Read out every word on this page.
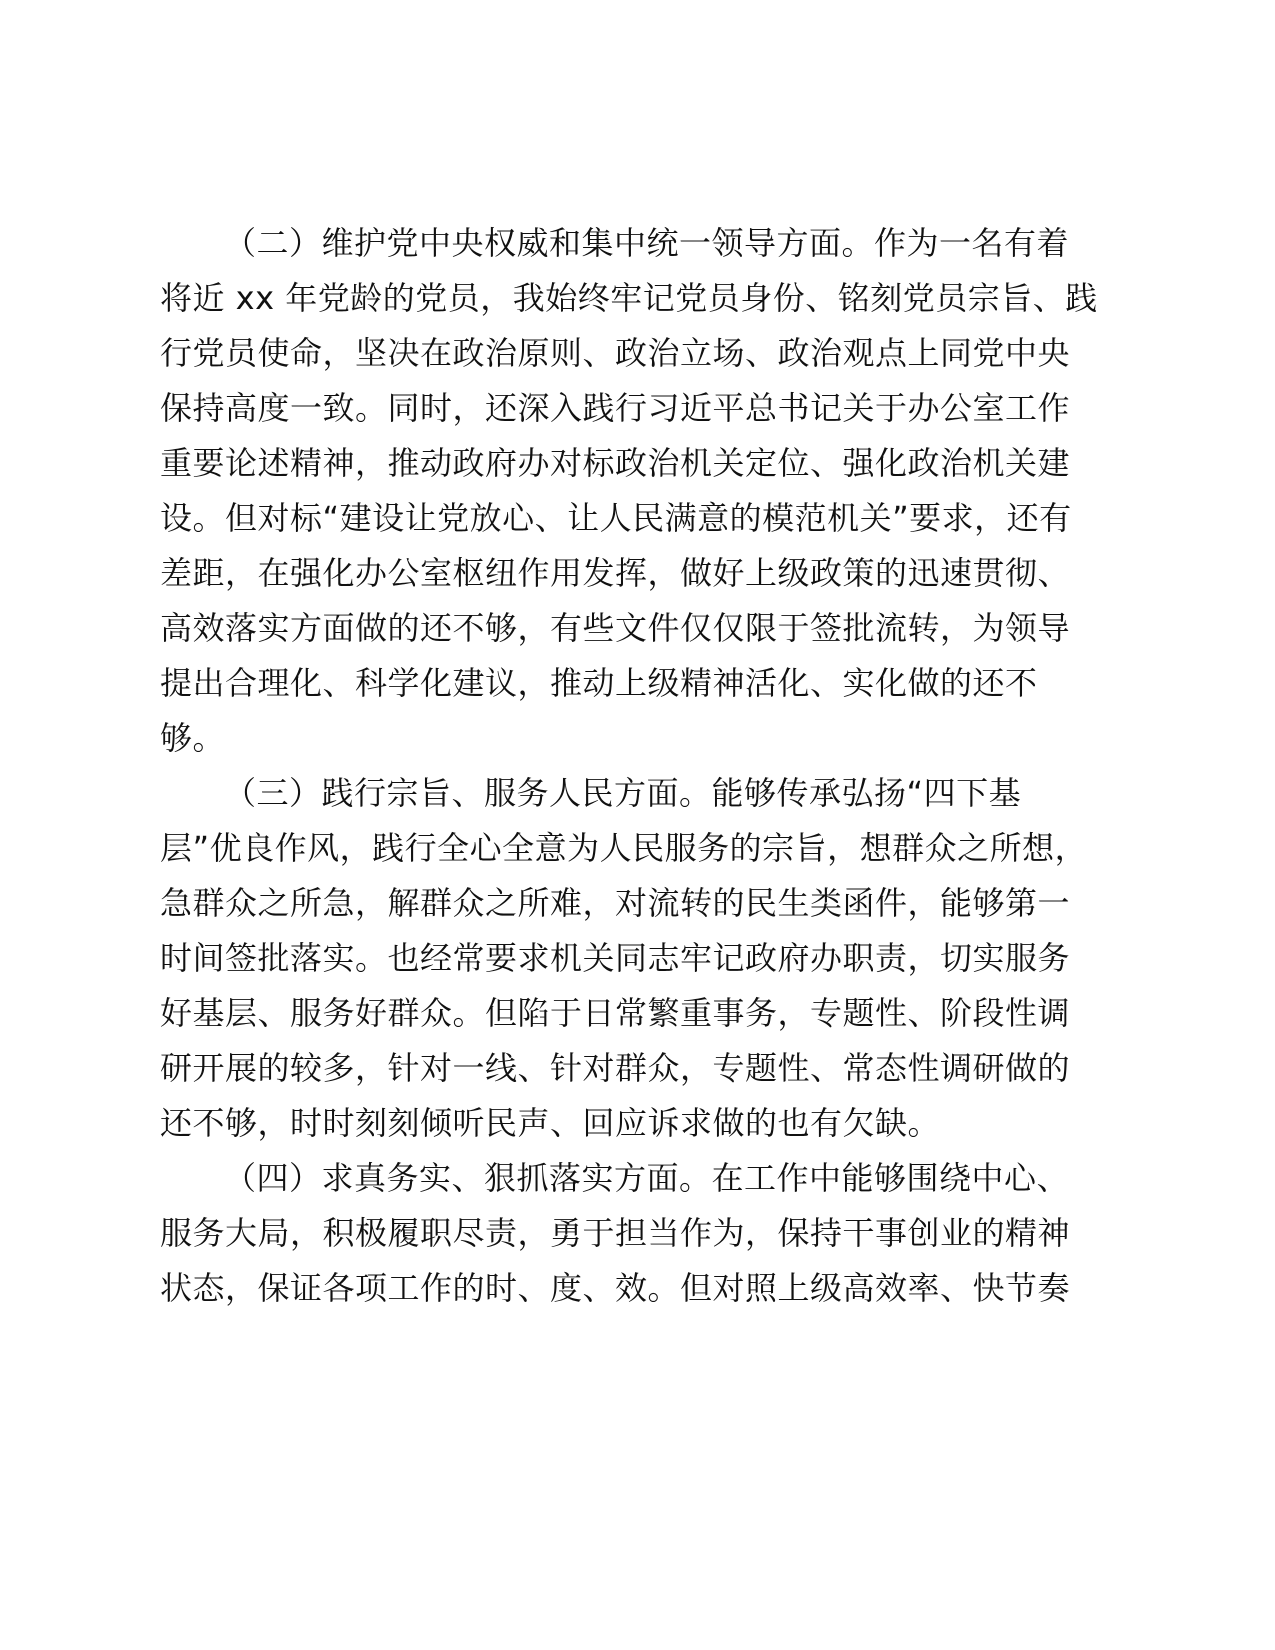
（二）维护党中央权威和集中统一领导方面。作为一名有着
将近 xx 年党龄的党员，我始终牢记党员身份、铭刻党员宗旨、践
行党员使命，坚决在政治原则、政治立场、政治观点上同党中央
保持高度一致。同时，还深入践行习近平总书记关于办公室工作
重要论述精神，推动政府办对标政治机关定位、强化政治机关建
设。但对标“建设让党放心、让人民满意的模范机关”要求，还有
差距，在强化办公室枢纽作用发挥，做好上级政策的迅速贯彻、
高效落实方面做的还不够，有些文件仅仅限于签批流转，为领导
提出合理化、科学化建议，推动上级精神活化、实化做的还不
够。
（三）践行宗旨、服务人民方面。能够传承弘扬“四下基
层”优良作风，践行全心全意为人民服务的宗旨，想群众之所想，
急群众之所急，解群众之所难，对流转的民生类函件，能够第一
时间签批落实。也经常要求机关同志牢记政府办职责，切实服务
好基层、服务好群众。但陷于日常繁重事务，专题性、阶段性调
研开展的较多，针对一线、针对群众，专题性、常态性调研做的
还不够，时时刻刻倾听民声、回应诉求做的也有欠缺。
（四）求真务实、狠抓落实方面。在工作中能够围绕中心、
服务大局，积极履职尽责，勇于担当作为，保持干事创业的精神
状态，保证各项工作的时、度、效。但对照上级高效率、快节奏
